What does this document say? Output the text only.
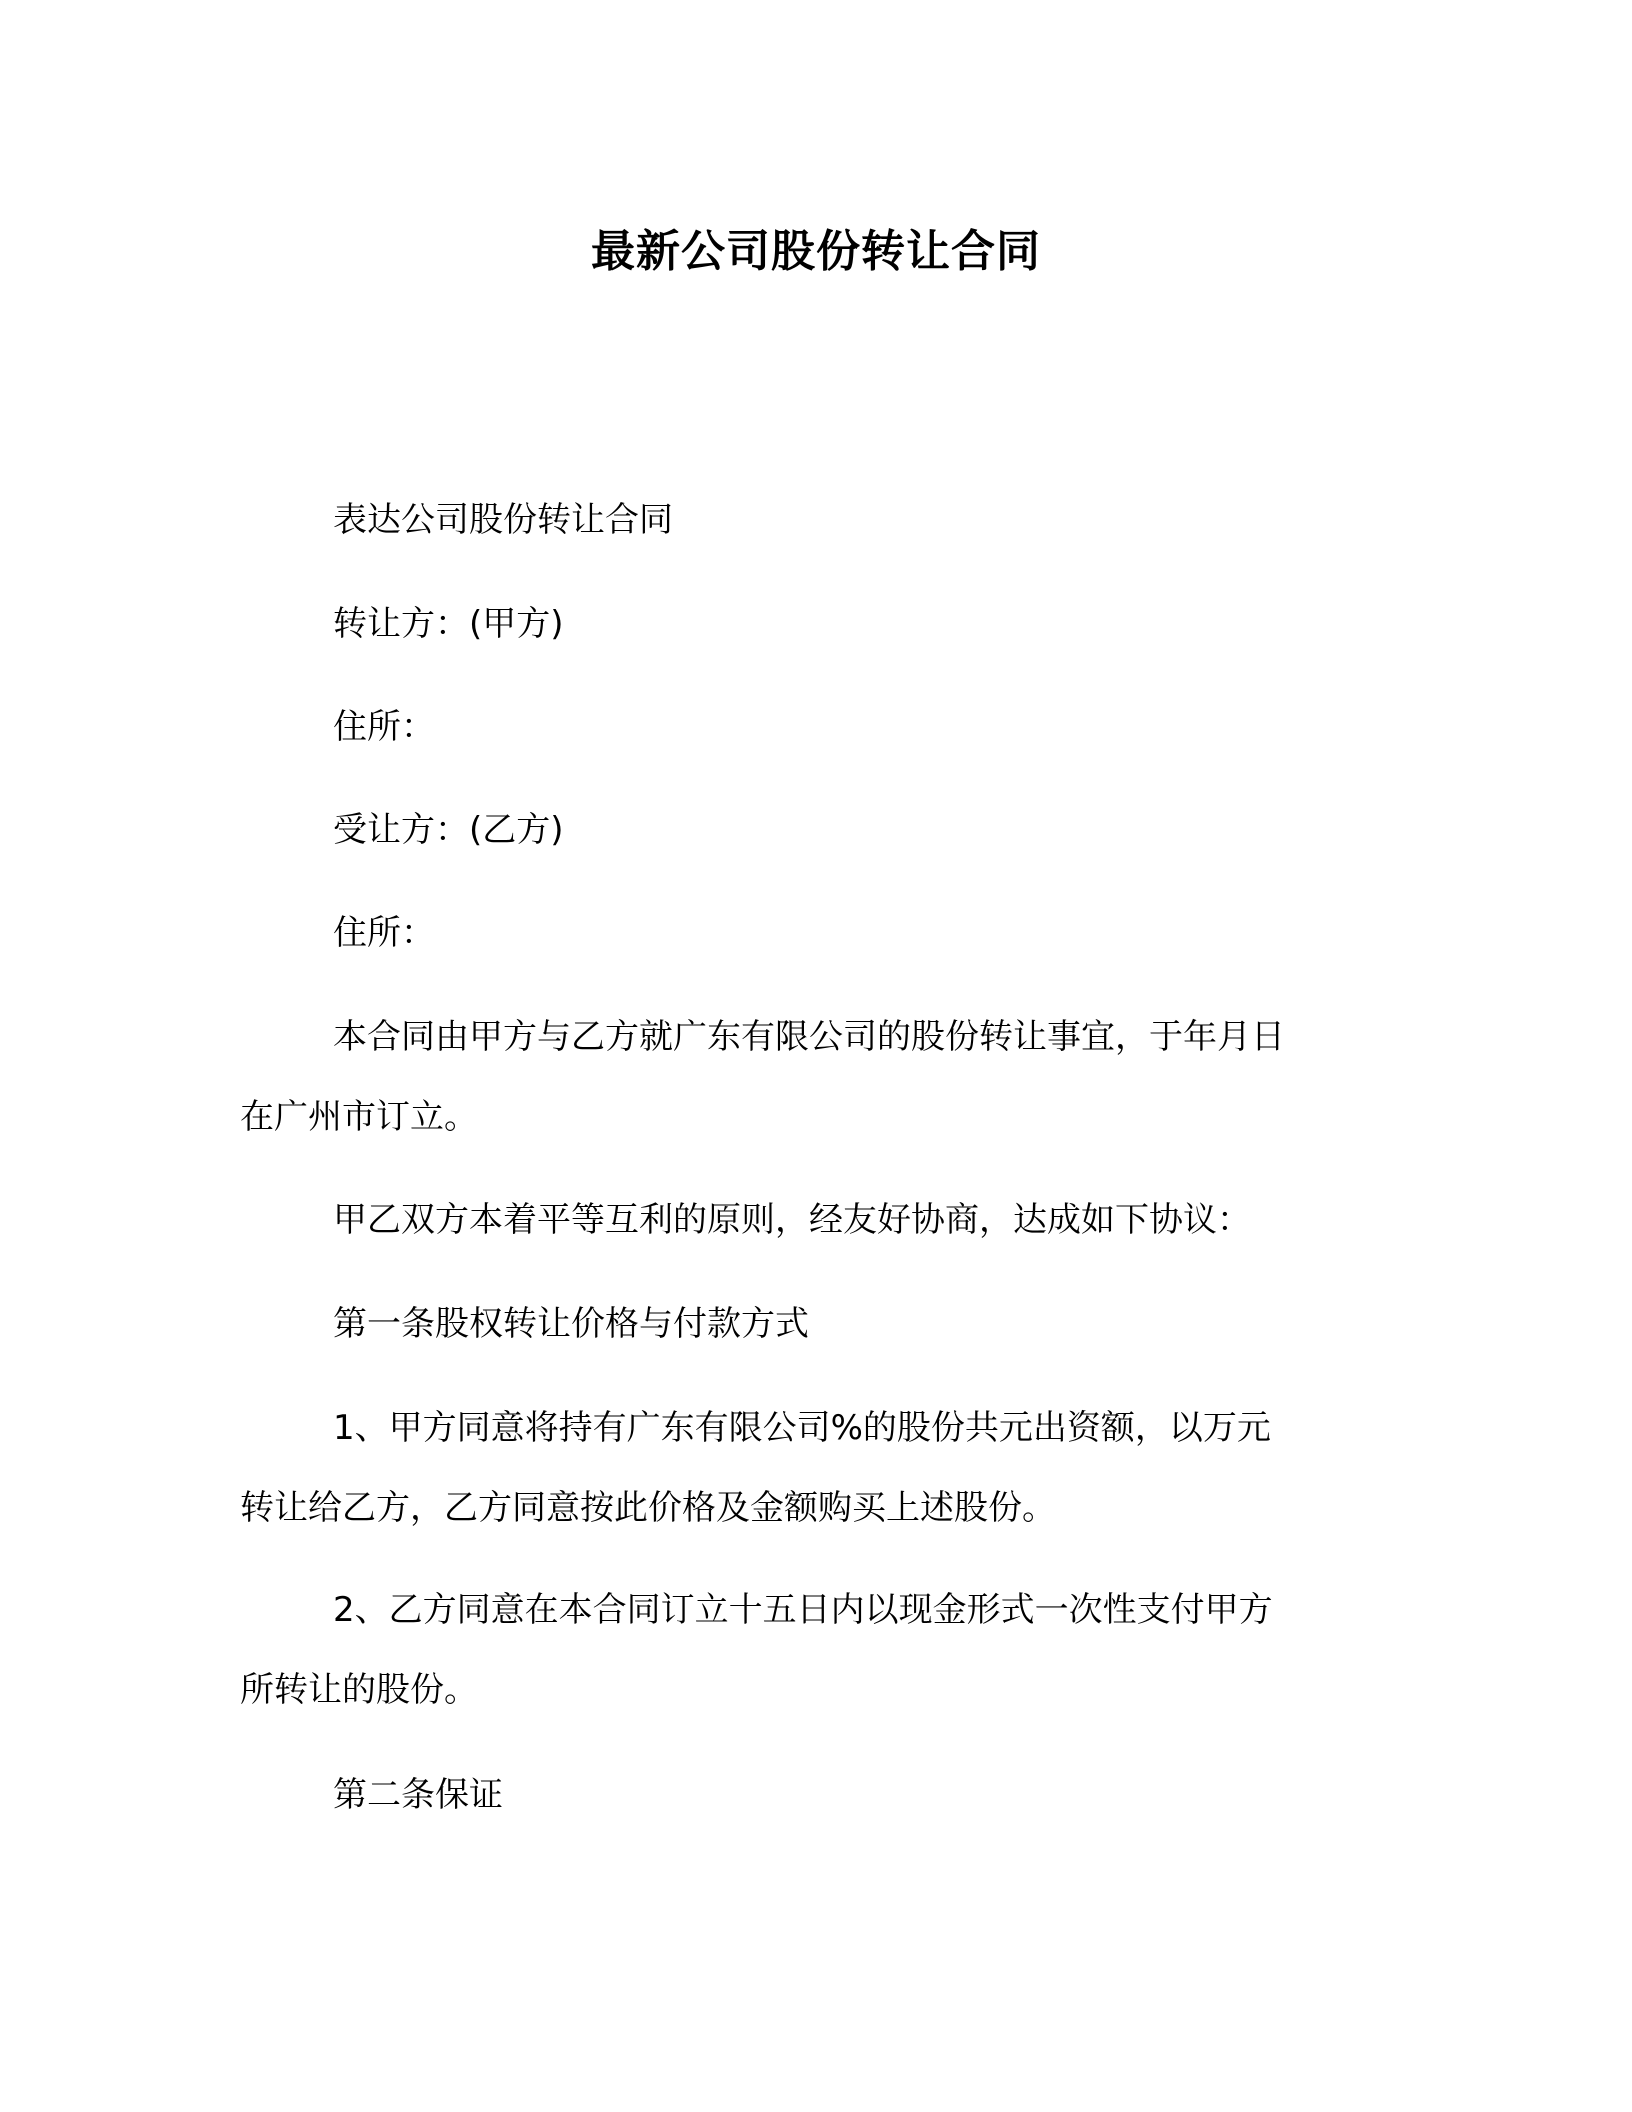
最新公司股份转让合同

表达公司股份转让合同

转让方：(甲方)

住所：

受让方：(乙方)

住所：

本合同由甲方与乙方就广东有限公司的股份转让事宜，于年月日

在广州市订立。

甲乙双方本着平等互利的原则，经友好协商，达成如下协议：

第一条股权转让价格与付款方式

1、甲方同意将持有广东有限公司%的股份共元出资额，以万元

转让给乙方，乙方同意按此价格及金额购买上述股份。

2、乙方同意在本合同订立十五日内以现金形式一次性支付甲方

所转让的股份。

第二条保证
